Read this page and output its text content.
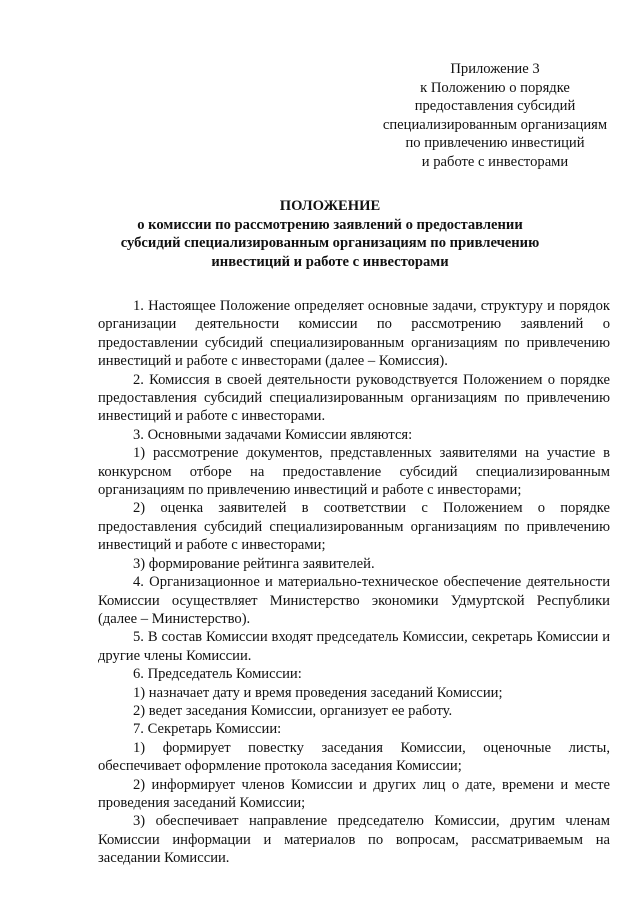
Приложение 3
к Положению о порядке
предоставления субсидий
специализированным организациям
по привлечению инвестиций
и работе с инвесторами
ПОЛОЖЕНИЕ
о комиссии по рассмотрению заявлений о предоставлении
субсидий специализированным организациям по привлечению
инвестиций и работе с инвесторами

1. Настоящее Положение определяет основные задачи, структуру и порядок организации деятельности комиссии по рассмотрению заявлений о предоставлении субсидий специализированным организациям по привлечению инвестиций и работе с инвесторами (далее – Комиссия).

2. Комиссия в своей деятельности руководствуется Положением о порядке предоставления субсидий специализированным организациям по привлечению инвестиций и работе с инвесторами.

3. Основными задачами Комиссии являются:

1) рассмотрение документов, представленных заявителями на участие в конкурсном отборе на предоставление субсидий специализированным организациям по привлечению инвестиций и работе с инвесторами;

2) оценка заявителей в соответствии с Положением о порядке предоставления субсидий специализированным организациям по привлечению инвестиций и работе с инвесторами;

3) формирование рейтинга заявителей.

4. Организационное и материально-техническое обеспечение деятельности Комиссии осуществляет Министерство экономики Удмуртской Республики (далее – Министерство).

5. В состав Комиссии входят председатель Комиссии, секретарь Комиссии и другие члены Комиссии.

6. Председатель Комиссии:

1) назначает дату и время проведения заседаний Комиссии;

2) ведет заседания Комиссии, организует ее работу.

7. Секретарь Комиссии:

1) формирует повестку заседания Комиссии, оценочные листы, обеспечивает оформление протокола заседания Комиссии;

2) информирует членов Комиссии и других лиц о дате, времени и месте проведения заседаний Комиссии;

3) обеспечивает направление председателю Комиссии, другим членам Комиссии информации и материалов по вопросам, рассматриваемым на заседании Комиссии.
